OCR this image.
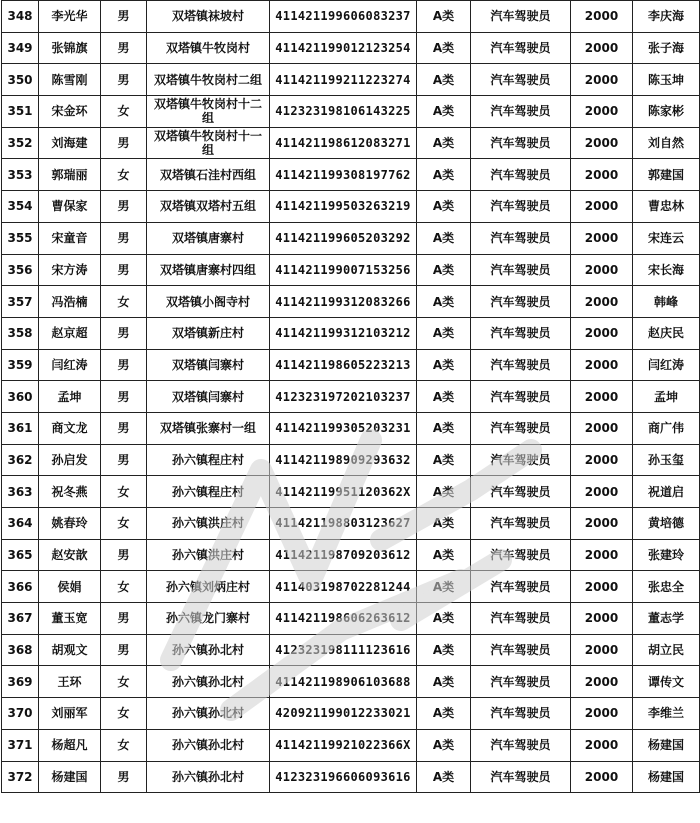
348	李光华	男	双塔镇袜坡村	411421199606083237	A类	汽车驾驶员	2000	李庆海
349	张锦旗	男	双塔镇牛牧岗村	411421199012123254	A类	汽车驾驶员	2000	张子海
350	陈雪刚	男	双塔镇牛牧岗村二组	411421199211223274	A类	汽车驾驶员	2000	陈玉坤
351	宋金环	女	双塔镇牛牧岗村十二组	412323198106143225	A类	汽车驾驶员	2000	陈家彬
352	刘海建	男	双塔镇牛牧岗村十一组	411421198612083271	A类	汽车驾驶员	2000	刘自然
353	郭瑞丽	女	双塔镇石洼村西组	411421199308197762	A类	汽车驾驶员	2000	郭建国
354	曹保家	男	双塔镇双塔村五组	411421199503263219	A类	汽车驾驶员	2000	曹忠林
355	宋童音	男	双塔镇唐寨村	411421199605203292	A类	汽车驾驶员	2000	宋连云
356	宋方涛	男	双塔镇唐寨村四组	411421199007153256	A类	汽车驾驶员	2000	宋长海
357	冯浩楠	女	双塔镇小阁寺村	411421199312083266	A类	汽车驾驶员	2000	韩峰
358	赵京超	男	双塔镇新庄村	411421199312103212	A类	汽车驾驶员	2000	赵庆民
359	闫红涛	男	双塔镇闫寨村	411421198605223213	A类	汽车驾驶员	2000	闫红涛
360	孟坤	男	双塔镇闫寨村	412323197202103237	A类	汽车驾驶员	2000	孟坤
361	商文龙	男	双塔镇张寨村一组	411421199305203231	A类	汽车驾驶员	2000	商广伟
362	孙启发	男	孙六镇程庄村	411421198909293632	A类	汽车驾驶员	2000	孙玉玺
363	祝冬燕	女	孙六镇程庄村	41142119951120362X	A类	汽车驾驶员	2000	祝道启
364	姚春玲	女	孙六镇洪庄村	411421198803123627	A类	汽车驾驶员	2000	黄培德
365	赵安歆	男	孙六镇洪庄村	411421198709203612	A类	汽车驾驶员	2000	张建玲
366	侯娟	女	孙六镇刘炳庄村	411403198702281244	A类	汽车驾驶员	2000	张忠全
367	董玉宽	男	孙六镇龙门寨村	411421198606263612	A类	汽车驾驶员	2000	董志学
368	胡观文	男	孙六镇孙北村	412323198111123616	A类	汽车驾驶员	2000	胡立民
369	王环	女	孙六镇孙北村	411421198906103688	A类	汽车驾驶员	2000	谭传文
370	刘丽军	女	孙六镇孙北村	420921199012233021	A类	汽车驾驶员	2000	李维兰
371	杨超凡	女	孙六镇孙北村	41142119921022366X	A类	汽车驾驶员	2000	杨建国
372	杨建国	男	孙六镇孙北村	412323196606093616	A类	汽车驾驶员	2000	杨建国
